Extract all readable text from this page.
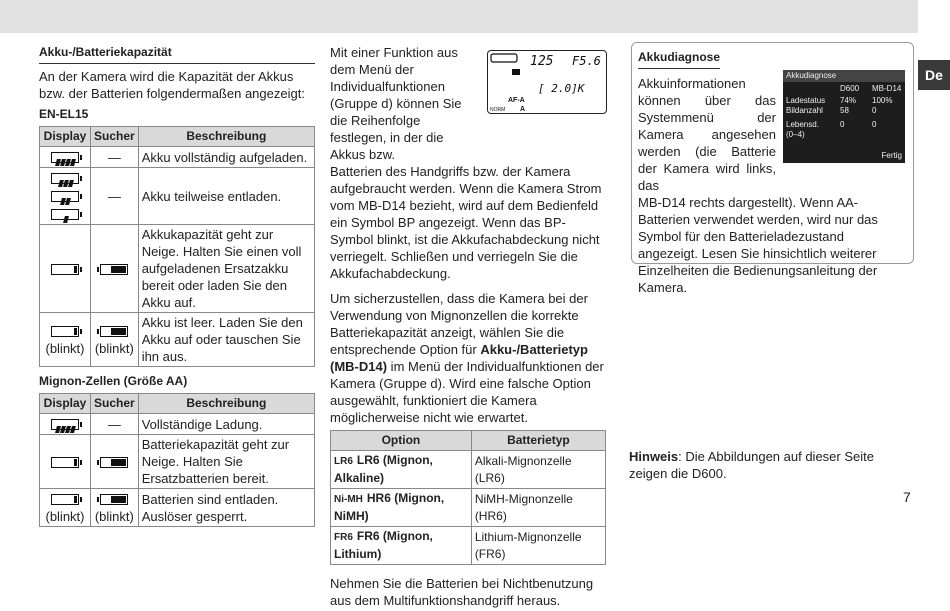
De
Akku-/Batteriekapazität

An der Kamera wird die Kapazität der Akkus bzw. der Batterien folgendermaßen angezeigt:

EN-EL15
Display	Sucher	Beschreibung
	—	Akku vollständig aufgeladen.

	—	Akku teilweise entladen.

	Akkukapazität geht zur Neige. Halten Sie einen voll aufgeladenen Ersatzakku bereit oder laden Sie den Akku auf.

(blinkt)	(blinkt)	Akku ist leer. Laden Sie den Akku auf oder tauschen Sie ihn aus.
Mignon-Zellen (Größe AA)
Display	Sucher	Beschreibung
	—	Vollständige Ladung.

	Batteriekapazität geht zur Neige. Halten Sie Ersatzbatterien bereit.

(blinkt)	(blinkt)	Batterien sind entladen. Auslöser gesperrt.
125 F5.6
[ 2.0]K
AF-A
NORM A

Mit einer Funktion aus dem Menü der Individualfunktionen (Gruppe d) können Sie die Reihenfolge festlegen, in der die Akkus bzw.

Batterien des Handgriffs bzw. der Kamera aufgebraucht werden. Wenn die Kamera Strom vom MB-D14 bezieht, wird auf dem Bedienfeld ein Symbol BP angezeigt. Wenn das BP-Symbol blinkt, ist die Akkufachabdeckung nicht verriegelt. Schließen und verriegeln Sie die Akkufachabdeckung.

Um sicherzustellen, dass die Kamera bei der Verwendung von Mignonzellen die korrekte Batteriekapazität anzeigt, wählen Sie die entsprechende Option für Akku-/Batterietyp (MB-D14) im Menü der Individualfunktionen der Kamera (Gruppe d). Wird eine falsche Option ausgewählt, funktioniert die Kamera möglicherweise nicht wie erwartet.

Option	Batterietyp
LR6 LR6 (Mignon, Alkaline)	Alkali-Mignonzelle (LR6)
Ni-MH HR6 (Mignon, NiMH)	NiMH-Mignonzelle (HR6)
FR6 FR6 (Mignon, Lithium)	Lithium-Mignonzelle (FR6)

Nehmen Sie die Batterien bei Nichtbenutzung aus dem Multifunktionshandgriff heraus.

Akkudiagnose

Akkuinformationen können über das Systemmenü der Kamera angesehen werden (die Batterie der Kamera wird links, das

MB-D14 rechts dargestellt). Wenn AA-Batterien verwendet werden, wird nur das Symbol für den Batterieladezustand angezeigt. Lesen Sie hinsichtlich weiterer Einzelheiten die Bedienungsanleitung der Kamera.

Akkudiagnose
D600	MB-D14
Ladestatus	74%	100%
Bildanzahl	58	0
Lebensd.	0	0
(0–4)
Fertig
Hinweis: Die Abbildungen auf dieser Seite zeigen die D600.
7
